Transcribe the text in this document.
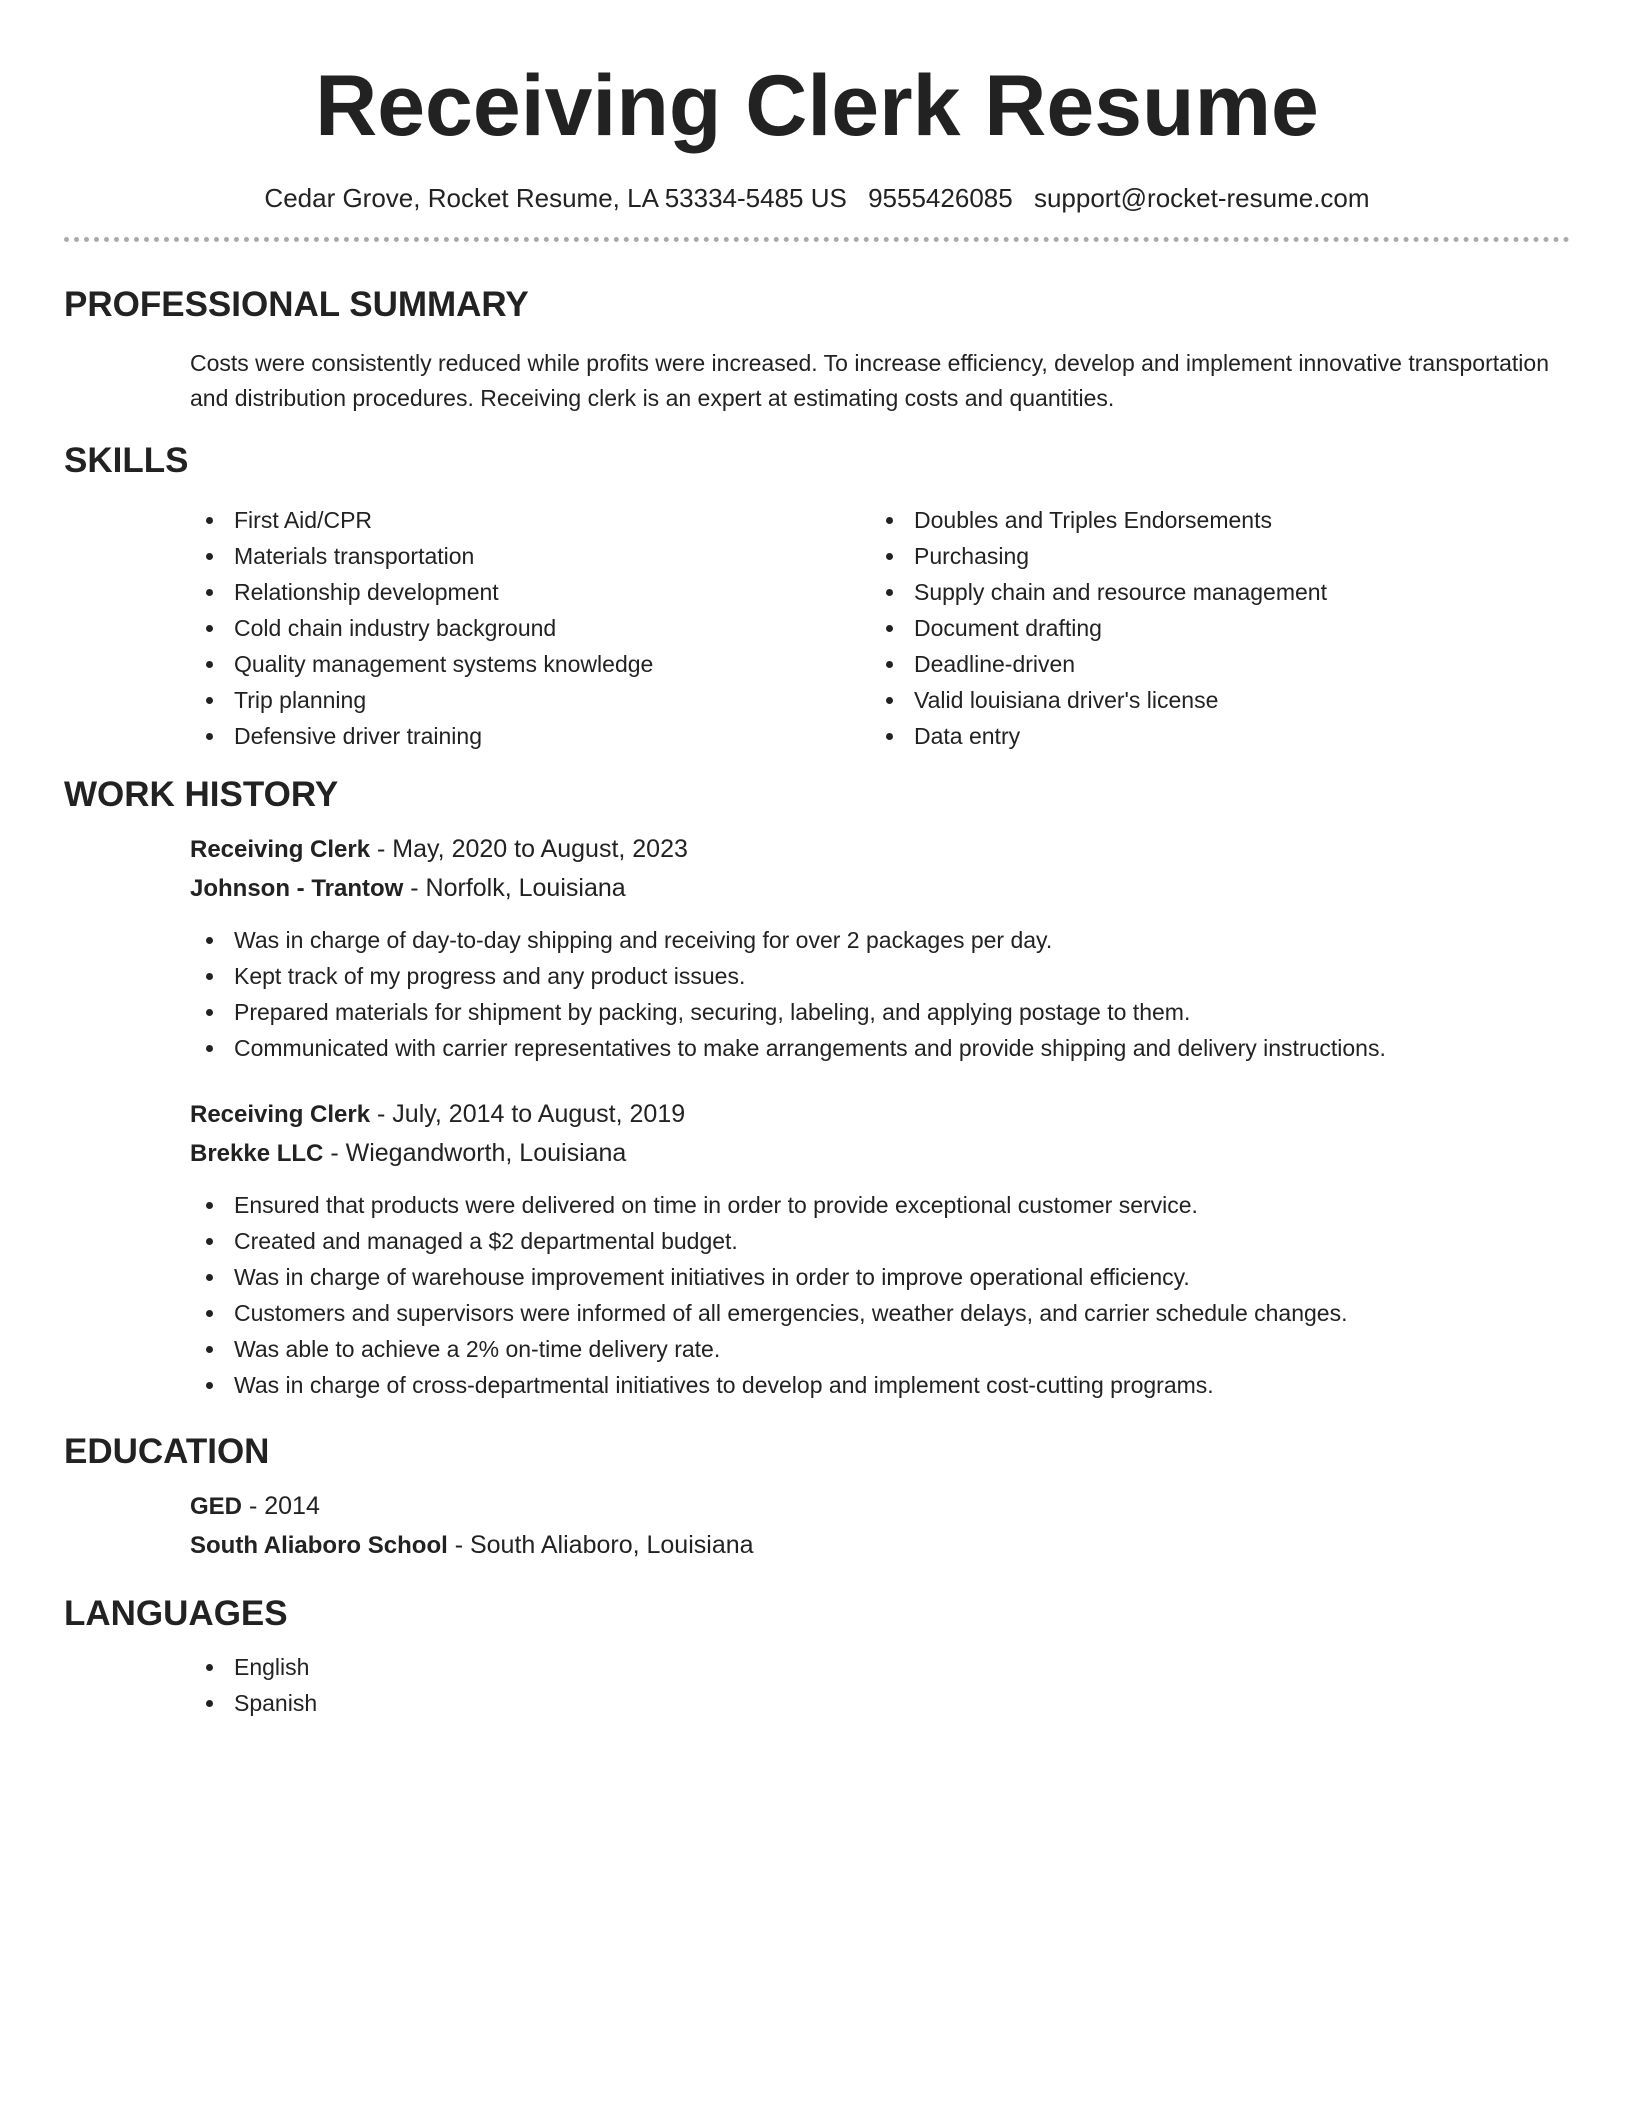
Receiving Clerk Resume
Cedar Grove, Rocket Resume, LA 53334-5485 US 9555426085 support@rocket-resume.com
PROFESSIONAL SUMMARY

Costs were consistently reduced while profits were increased. To increase efficiency, develop and implement innovative transportation and distribution procedures. Receiving clerk is an expert at estimating costs and quantities.

SKILLS
First Aid/CPR
Materials transportation
Relationship development
Cold chain industry background
Quality management systems knowledge
Trip planning
Defensive driver training
Doubles and Triples Endorsements
Purchasing
Supply chain and resource management
Document drafting
Deadline-driven
Valid louisiana driver's license
Data entry
WORK HISTORY
Receiving Clerk - May, 2020 to August, 2023
Johnson - Trantow - Norfolk, Louisiana
Was in charge of day-to-day shipping and receiving for over 2 packages per day.
Kept track of my progress and any product issues.
Prepared materials for shipment by packing, securing, labeling, and applying postage to them.
Communicated with carrier representatives to make arrangements and provide shipping and delivery instructions.
Receiving Clerk - July, 2014 to August, 2019
Brekke LLC - Wiegandworth, Louisiana
Ensured that products were delivered on time in order to provide exceptional customer service.
Created and managed a $2 departmental budget.
Was in charge of warehouse improvement initiatives in order to improve operational efficiency.
Customers and supervisors were informed of all emergencies, weather delays, and carrier schedule changes.
Was able to achieve a 2% on-time delivery rate.
Was in charge of cross-departmental initiatives to develop and implement cost-cutting programs.
EDUCATION
GED - 2014
South Aliaboro School - South Aliaboro, Louisiana
LANGUAGES
English
Spanish
